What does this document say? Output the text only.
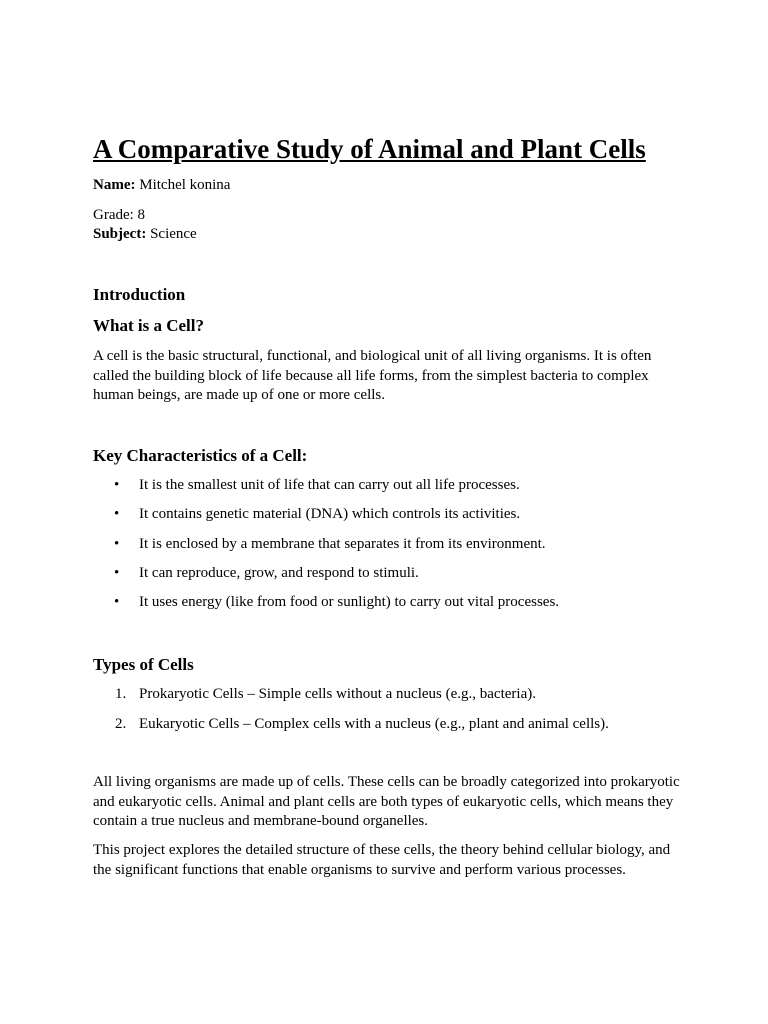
A Comparative Study of Animal and Plant Cells
Name: Mitchel konina
Grade: 8
Subject: Science
Introduction
What is a Cell?

A cell is the basic structural, functional, and biological unit of all living organisms. It is often called the building block of life because all life forms, from the simplest bacteria to complex human beings, are made up of one or more cells.

Key Characteristics of a Cell:
• It is the smallest unit of life that can carry out all life processes.
• It contains genetic material (DNA) which controls its activities.
• It is enclosed by a membrane that separates it from its environment.
• It can reproduce, grow, and respond to stimuli.
• It uses energy (like from food or sunlight) to carry out vital processes.
Types of Cells
1. Prokaryotic Cells – Simple cells without a nucleus (e.g., bacteria).
2. Eukaryotic Cells – Complex cells with a nucleus (e.g., plant and animal cells).

All living organisms are made up of cells. These cells can be broadly categorized into prokaryotic and eukaryotic cells. Animal and plant cells are both types of eukaryotic cells, which means they contain a true nucleus and membrane-bound organelles.

This project explores the detailed structure of these cells, the theory behind cellular biology, and the significant functions that enable organisms to survive and perform various processes.
